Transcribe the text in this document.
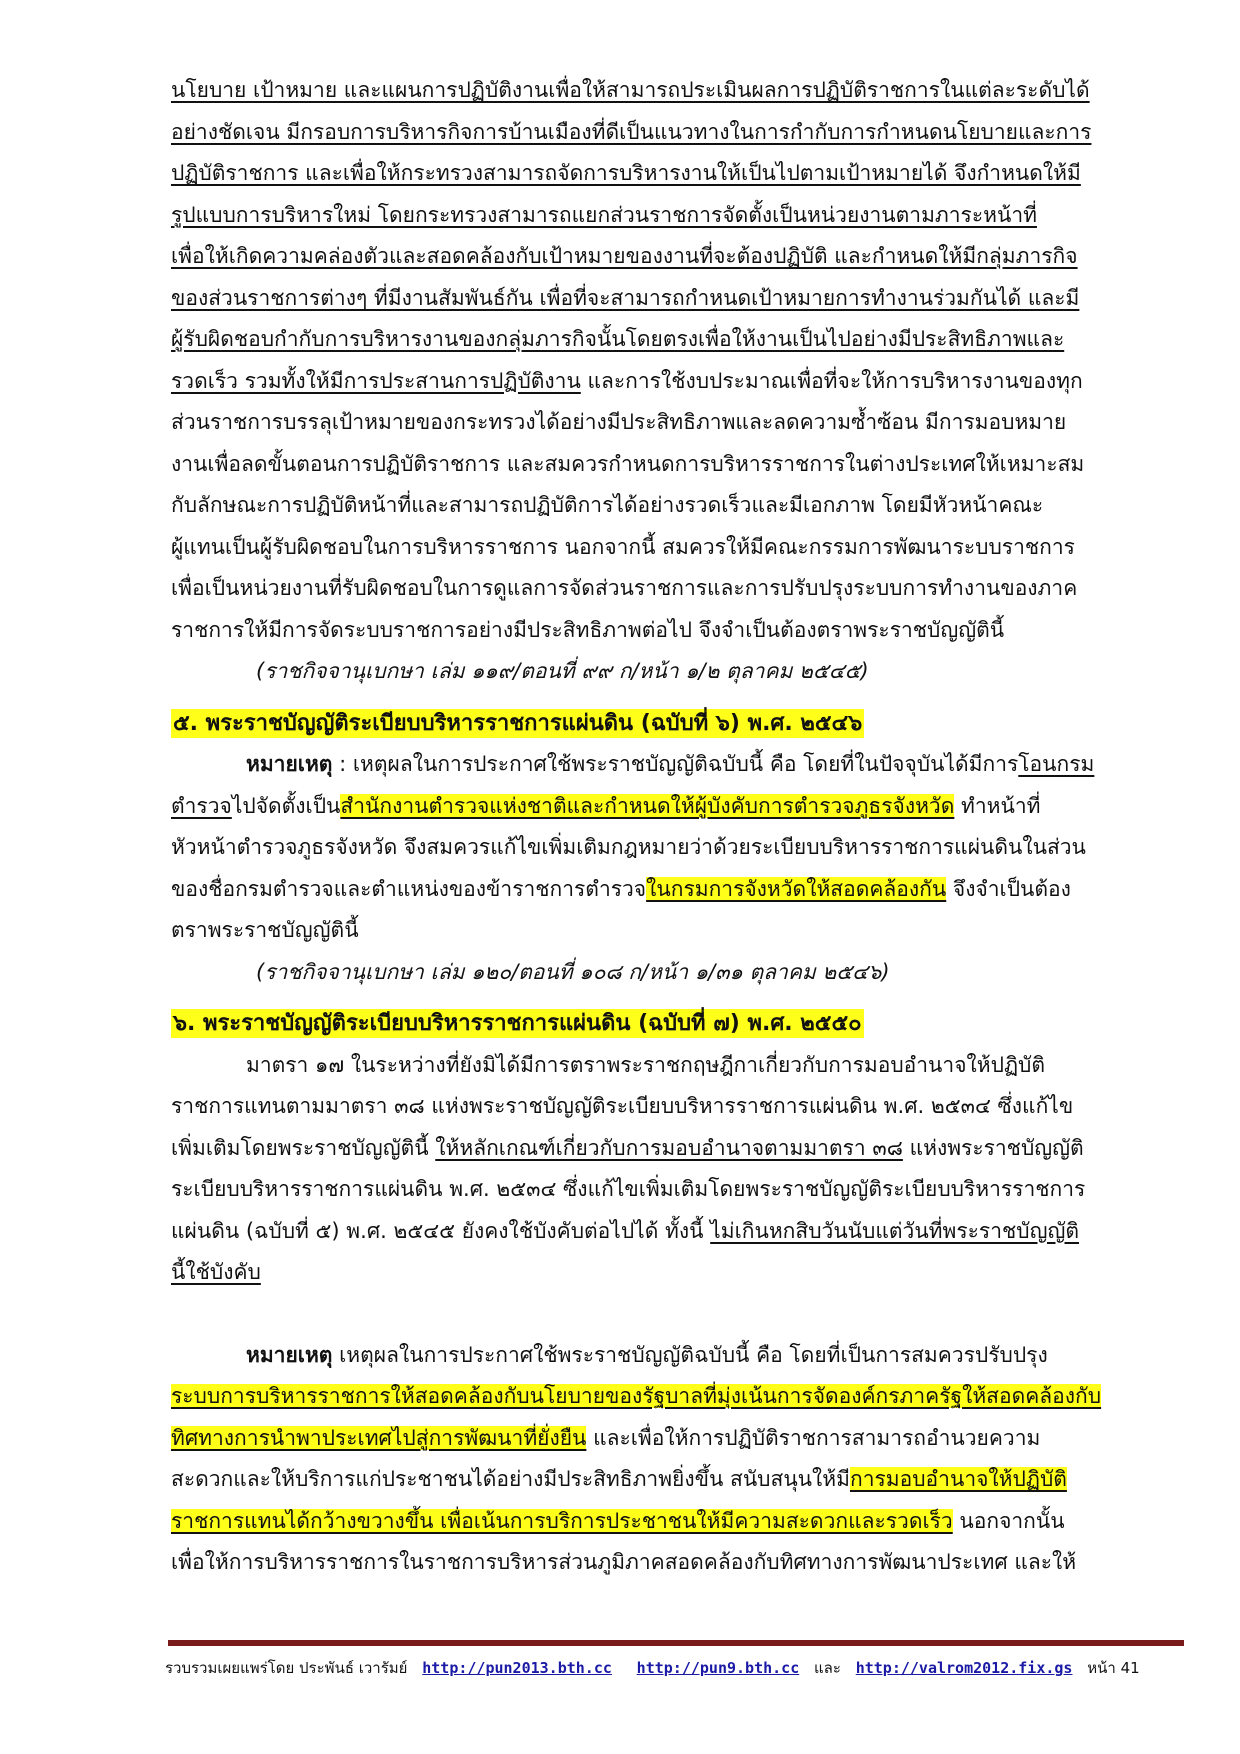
นโยบาย เป้าหมาย และแผนการปฏิบัติงานเพื่อให้สามารถประเมินผลการปฏิบัติราชการในแต่ละระดับได้
อย่างชัดเจน มีกรอบการบริหารกิจการบ้านเมืองที่ดีเป็นแนวทางในการกำกับการกำหนดนโยบายและการ
ปฏิบัติราชการ และเพื่อให้กระทรวงสามารถจัดการบริหารงานให้เป็นไปตามเป้าหมายได้ จึงกำหนดให้มี
รูปแบบการบริหารใหม่ โดยกระทรวงสามารถแยกส่วนราชการจัดตั้งเป็นหน่วยงานตามภาระหน้าที่
เพื่อให้เกิดความคล่องตัวและสอดคล้องกับเป้าหมายของงานที่จะต้องปฏิบัติ และกำหนดให้มีกลุ่มภารกิจ
ของส่วนราชการต่างๆ ที่มีงานสัมพันธ์กัน เพื่อที่จะสามารถกำหนดเป้าหมายการทำงานร่วมกันได้ และมี
ผู้รับผิดชอบกำกับการบริหารงานของกลุ่มภารกิจนั้นโดยตรงเพื่อให้งานเป็นไปอย่างมีประสิทธิภาพและ
รวดเร็ว รวมทั้งให้มีการประสานการปฏิบัติงาน และการใช้งบประมาณเพื่อที่จะให้การบริหารงานของทุก
ส่วนราชการบรรลุเป้าหมายของกระทรวงได้อย่างมีประสิทธิภาพและลดความซ้ำซ้อน มีการมอบหมาย
งานเพื่อลดขั้นตอนการปฏิบัติราชการ และสมควรกำหนดการบริหารราชการในต่างประเทศให้เหมาะสม
กับลักษณะการปฏิบัติหน้าที่และสามารถปฏิบัติการได้อย่างรวดเร็วและมีเอกภาพ โดยมีหัวหน้าคณะ
ผู้แทนเป็นผู้รับผิดชอบในการบริหารราชการ นอกจากนี้ สมควรให้มีคณะกรรมการพัฒนาระบบราชการ
เพื่อเป็นหน่วยงานที่รับผิดชอบในการดูแลการจัดส่วนราชการและการปรับปรุงระบบการทำงานของภาค
ราชการให้มีการจัดระบบราชการอย่างมีประสิทธิภาพต่อไป จึงจำเป็นต้องตราพระราชบัญญัตินี้
(ราชกิจจานุเบกษา เล่ม ๑๑๙/ตอนที่ ๙๙ ก/หน้า ๑/๒ ตุลาคม ๒๕๔๕)
๕. พระราชบัญญัติระเบียบบริหารราชการแผ่นดิน (ฉบับที่ ๖) พ.ศ. ๒๕๔๖
หมายเหตุ : เหตุผลในการประกาศใช้พระราชบัญญัติฉบับนี้ คือ โดยที่ในปัจจุบันได้มีการโอนกรม
ตำรวจไปจัดตั้งเป็นสำนักงานตำรวจแห่งชาติและกำหนดให้ผู้บังคับการตำรวจภูธรจังหวัด ทำหน้าที่
หัวหน้าตำรวจภูธรจังหวัด จึงสมควรแก้ไขเพิ่มเติมกฎหมายว่าด้วยระเบียบบริหารราชการแผ่นดินในส่วน
ของชื่อกรมตำรวจและตำแหน่งของข้าราชการตำรวจในกรมการจังหวัดให้สอดคล้องกัน จึงจำเป็นต้อง
ตราพระราชบัญญัตินี้
(ราชกิจจานุเบกษา เล่ม ๑๒๐/ตอนที่ ๑๐๘ ก/หน้า ๑/๓๑ ตุลาคม ๒๕๔๖)
๖. พระราชบัญญัติระเบียบบริหารราชการแผ่นดิน (ฉบับที่ ๗) พ.ศ. ๒๕๕๐
มาตรา ๑๗ ในระหว่างที่ยังมิได้มีการตราพระราชกฤษฎีกาเกี่ยวกับการมอบอำนาจให้ปฏิบัติ
ราชการแทนตามมาตรา ๓๘ แห่งพระราชบัญญัติระเบียบบริหารราชการแผ่นดิน พ.ศ. ๒๕๓๔ ซึ่งแก้ไข
เพิ่มเติมโดยพระราชบัญญัตินี้ ให้หลักเกณฑ์เกี่ยวกับการมอบอำนาจตามมาตรา ๓๘ แห่งพระราชบัญญัติ
ระเบียบบริหารราชการแผ่นดิน พ.ศ. ๒๕๓๔ ซึ่งแก้ไขเพิ่มเติมโดยพระราชบัญญัติระเบียบบริหารราชการ
แผ่นดิน (ฉบับที่ ๕) พ.ศ. ๒๕๔๕ ยังคงใช้บังคับต่อไปได้ ทั้งนี้ ไม่เกินหกสิบวันนับแต่วันที่พระราชบัญญัติ
นี้ใช้บังคับ
หมายเหตุ เหตุผลในการประกาศใช้พระราชบัญญัติฉบับนี้ คือ โดยที่เป็นการสมควรปรับปรุง
ระบบการบริหารราชการให้สอดคล้องกับนโยบายของรัฐบาลที่มุ่งเน้นการจัดองค์กรภาครัฐให้สอดคล้องกับ
ทิศทางการนำพาประเทศไปสู่การพัฒนาที่ยั่งยืน และเพื่อให้การปฏิบัติราชการสามารถอำนวยความ
สะดวกและให้บริการแก่ประชาชนได้อย่างมีประสิทธิภาพยิ่งขึ้น สนับสนุนให้มีการมอบอำนาจให้ปฏิบัติ
ราชการแทนได้กว้างขวางขึ้น เพื่อเน้นการบริการประชาชนให้มีความสะดวกและรวดเร็ว นอกจากนั้น
เพื่อให้การบริหารราชการในราชการบริหารส่วนภูมิภาคสอดคล้องกับทิศทางการพัฒนาประเทศ และให้
รวบรวมเผยแพร่โดย ประพันธ์ เวารัมย์ http://pun2013.bth.cc http://pun9.bth.cc และ http://valrom2012.fix.gs หน้า 41
